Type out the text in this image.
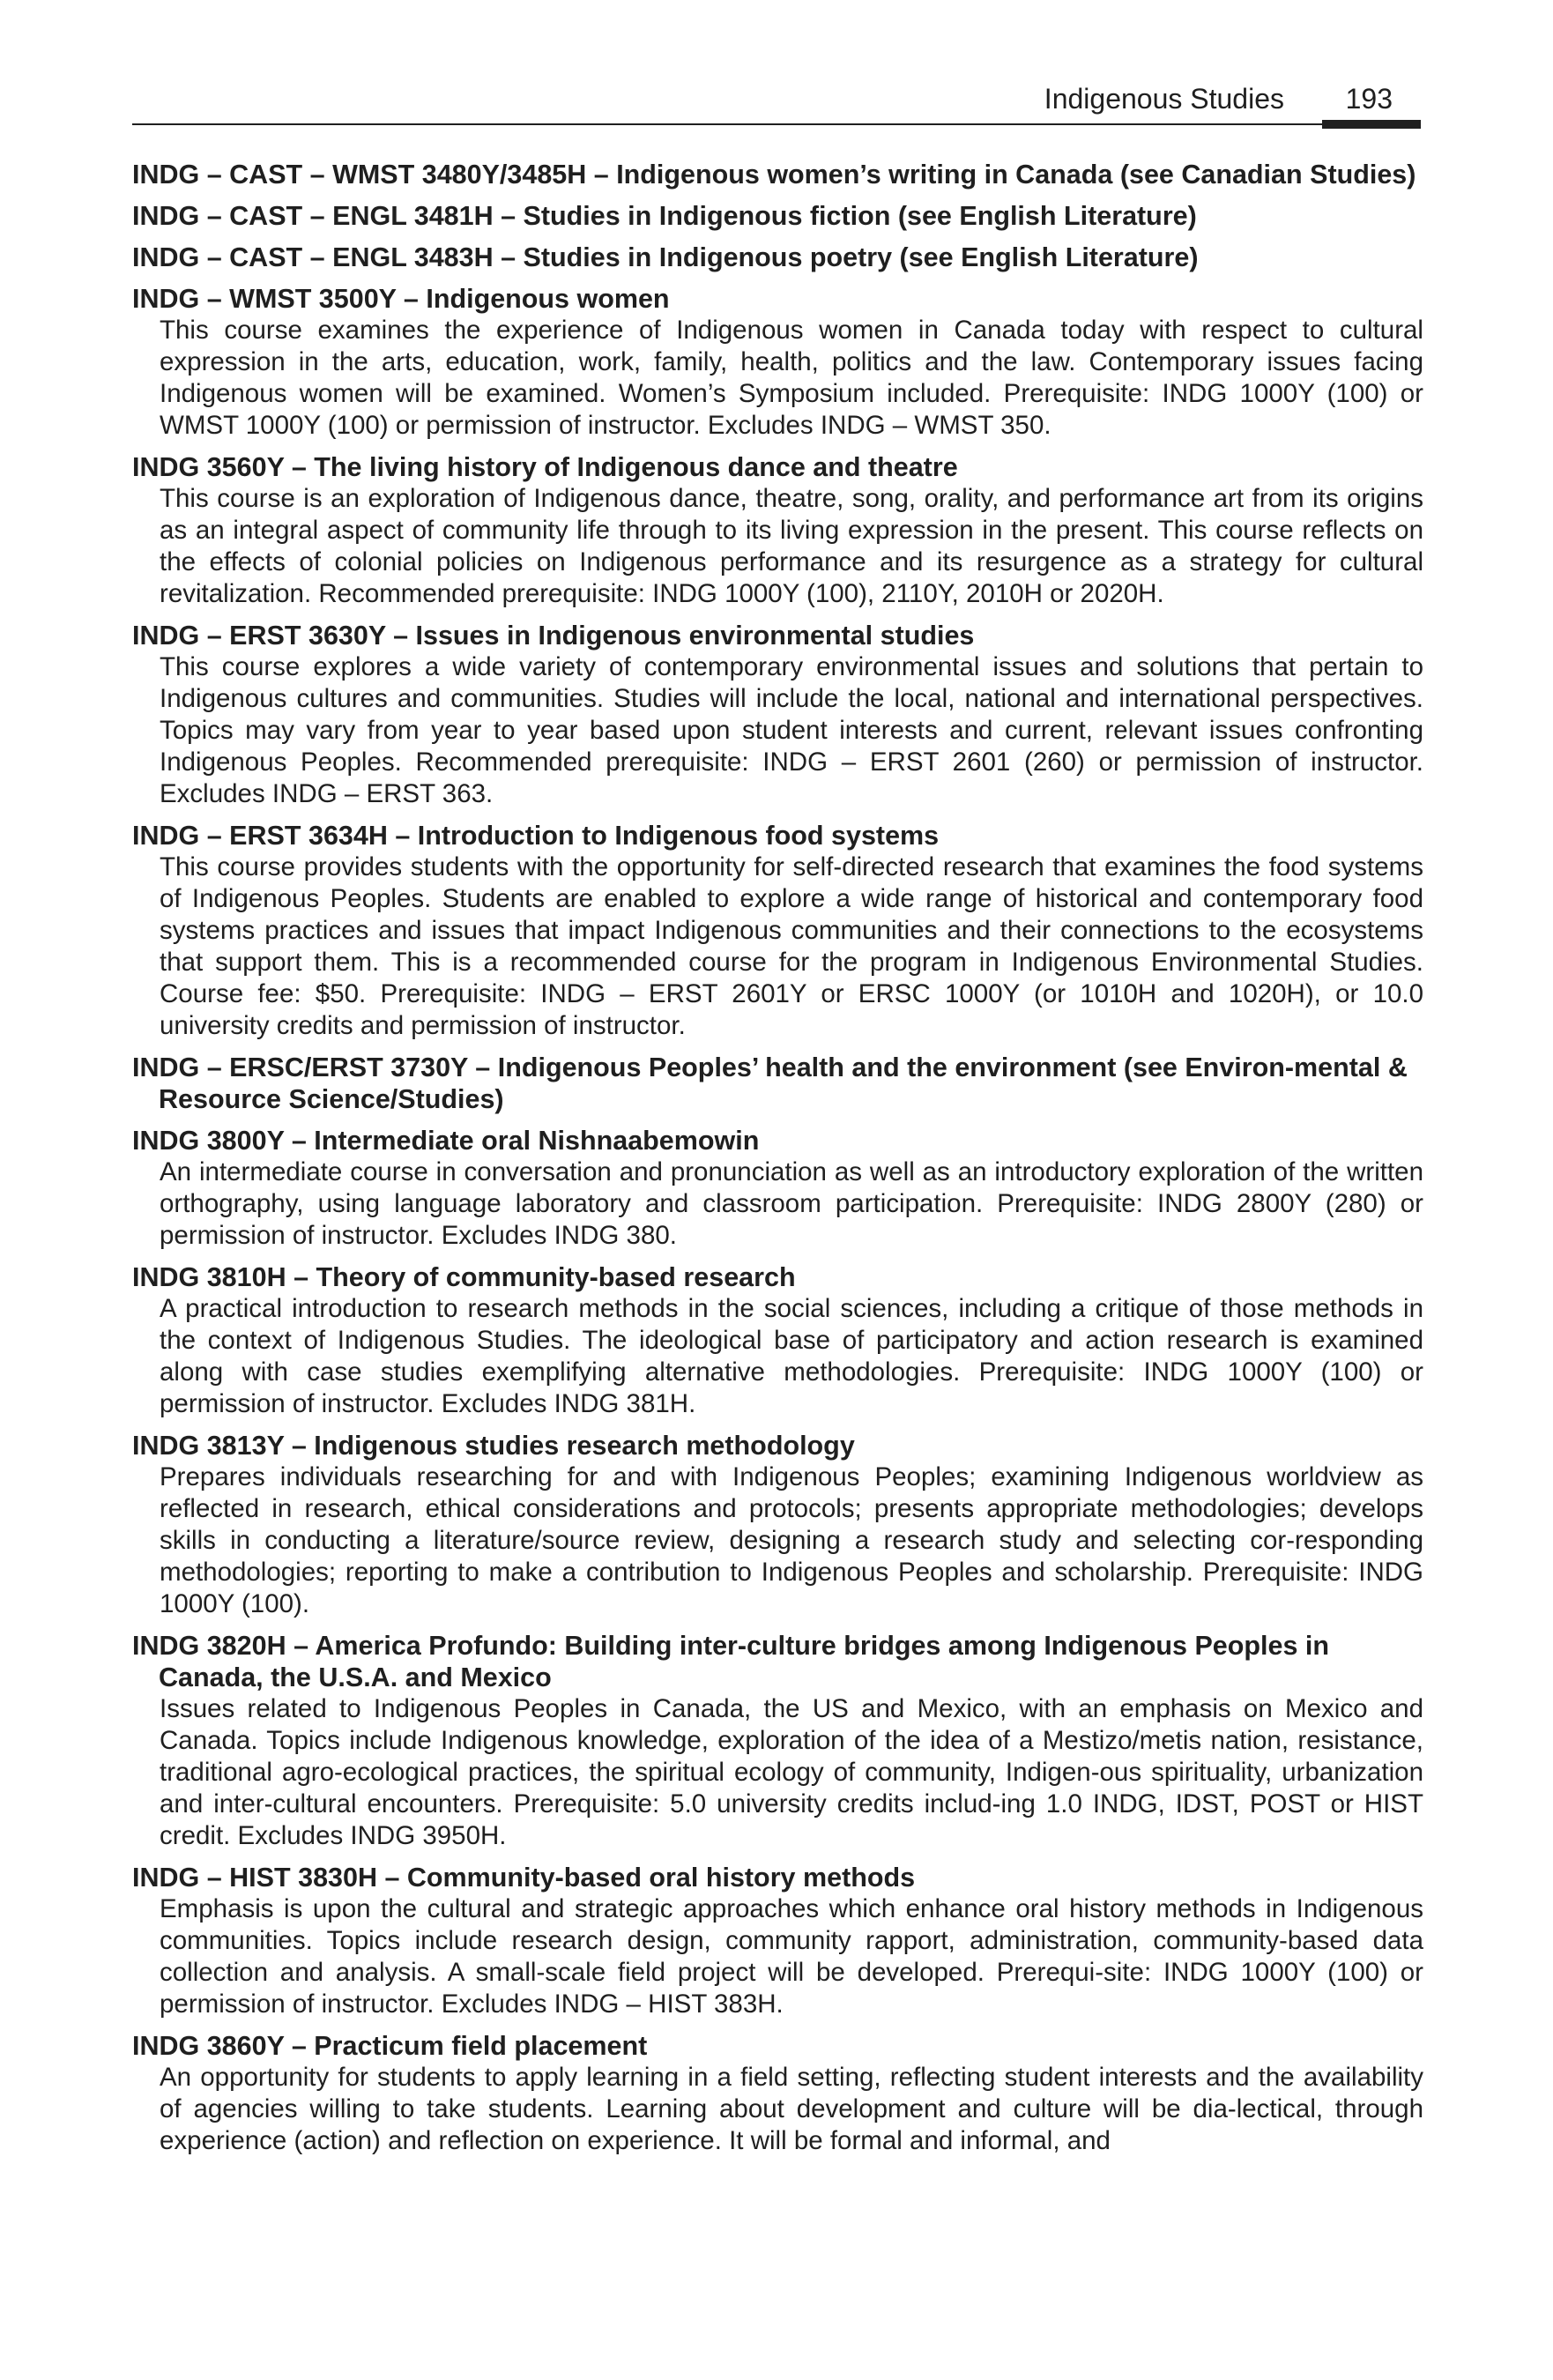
Indigenous Studies 193
INDG – CAST – WMST 3480Y/3485H – Indigenous women’s writing in Canada (see Canadian Studies)
INDG – CAST – ENGL 3481H – Studies in Indigenous fiction (see English Literature)
INDG – CAST – ENGL 3483H – Studies in Indigenous poetry (see English Literature)
INDG – WMST 3500Y – Indigenous women
This course examines the experience of Indigenous women in Canada today with respect to cultural expression in the arts, education, work, family, health, politics and the law. Contemporary issues facing Indigenous women will be examined. Women’s Symposium included. Prerequisite: INDG 1000Y (100) or WMST 1000Y (100) or permission of instructor. Excludes INDG – WMST 350.
INDG 3560Y – The living history of Indigenous dance and theatre
This course is an exploration of Indigenous dance, theatre, song, orality, and performance art from its origins as an integral aspect of community life through to its living expression in the present. This course reflects on the effects of colonial policies on Indigenous performance and its resurgence as a strategy for cultural revitalization. Recommended prerequisite: INDG 1000Y (100), 2110Y, 2010H or 2020H.
INDG – ERST 3630Y – Issues in Indigenous environmental studies
This course explores a wide variety of contemporary environmental issues and solutions that pertain to Indigenous cultures and communities. Studies will include the local, national and international perspectives. Topics may vary from year to year based upon student interests and current, relevant issues confronting Indigenous Peoples. Recommended prerequisite: INDG – ERST 2601 (260) or permission of instructor. Excludes INDG – ERST 363.
INDG – ERST 3634H – Introduction to Indigenous food systems
This course provides students with the opportunity for self-directed research that examines the food systems of Indigenous Peoples. Students are enabled to explore a wide range of historical and contemporary food systems practices and issues that impact Indigenous communities and their connections to the ecosystems that support them. This is a recommended course for the program in Indigenous Environmental Studies. Course fee: $50. Prerequisite: INDG – ERST 2601Y or ERSC 1000Y (or 1010H and 1020H), or 10.0 university credits and permission of instructor.
INDG – ERSC/ERST 3730Y – Indigenous Peoples’ health and the environment (see Environ-mental & Resource Science/Studies)
INDG 3800Y – Intermediate oral Nishnaabemowin
An intermediate course in conversation and pronunciation as well as an introductory exploration of the written orthography, using language laboratory and classroom participation. Prerequisite: INDG 2800Y (280) or permission of instructor. Excludes INDG 380.
INDG 3810H – Theory of community-based research
A practical introduction to research methods in the social sciences, including a critique of those methods in the context of Indigenous Studies. The ideological base of participatory and action research is examined along with case studies exemplifying alternative methodologies. Prerequisite: INDG 1000Y (100) or permission of instructor. Excludes INDG 381H.
INDG 3813Y – Indigenous studies research methodology
Prepares individuals researching for and with Indigenous Peoples; examining Indigenous worldview as reflected in research, ethical considerations and protocols; presents appropriate methodologies; develops skills in conducting a literature/source review, designing a research study and selecting cor-responding methodologies; reporting to make a contribution to Indigenous Peoples and scholarship. Prerequisite: INDG 1000Y (100).
INDG 3820H – America Profundo: Building inter-culture bridges among Indigenous Peoples in Canada, the U.S.A. and Mexico
Issues related to Indigenous Peoples in Canada, the US and Mexico, with an emphasis on Mexico and Canada. Topics include Indigenous knowledge, exploration of the idea of a Mestizo/metis nation, resistance, traditional agro-ecological practices, the spiritual ecology of community, Indigen-ous spirituality, urbanization and inter-cultural encounters. Prerequisite: 5.0 university credits includ-ing 1.0 INDG, IDST, POST or HIST credit. Excludes INDG 3950H.
INDG – HIST 3830H – Community-based oral history methods
Emphasis is upon the cultural and strategic approaches which enhance oral history methods in Indigenous communities. Topics include research design, community rapport, administration, community-based data collection and analysis. A small-scale field project will be developed. Prerequi-site: INDG 1000Y (100) or permission of instructor. Excludes INDG – HIST 383H.
INDG 3860Y – Practicum field placement
An opportunity for students to apply learning in a field setting, reflecting student interests and the availability of agencies willing to take students. Learning about development and culture will be dia-lectical, through experience (action) and reflection on experience. It will be formal and informal, and
